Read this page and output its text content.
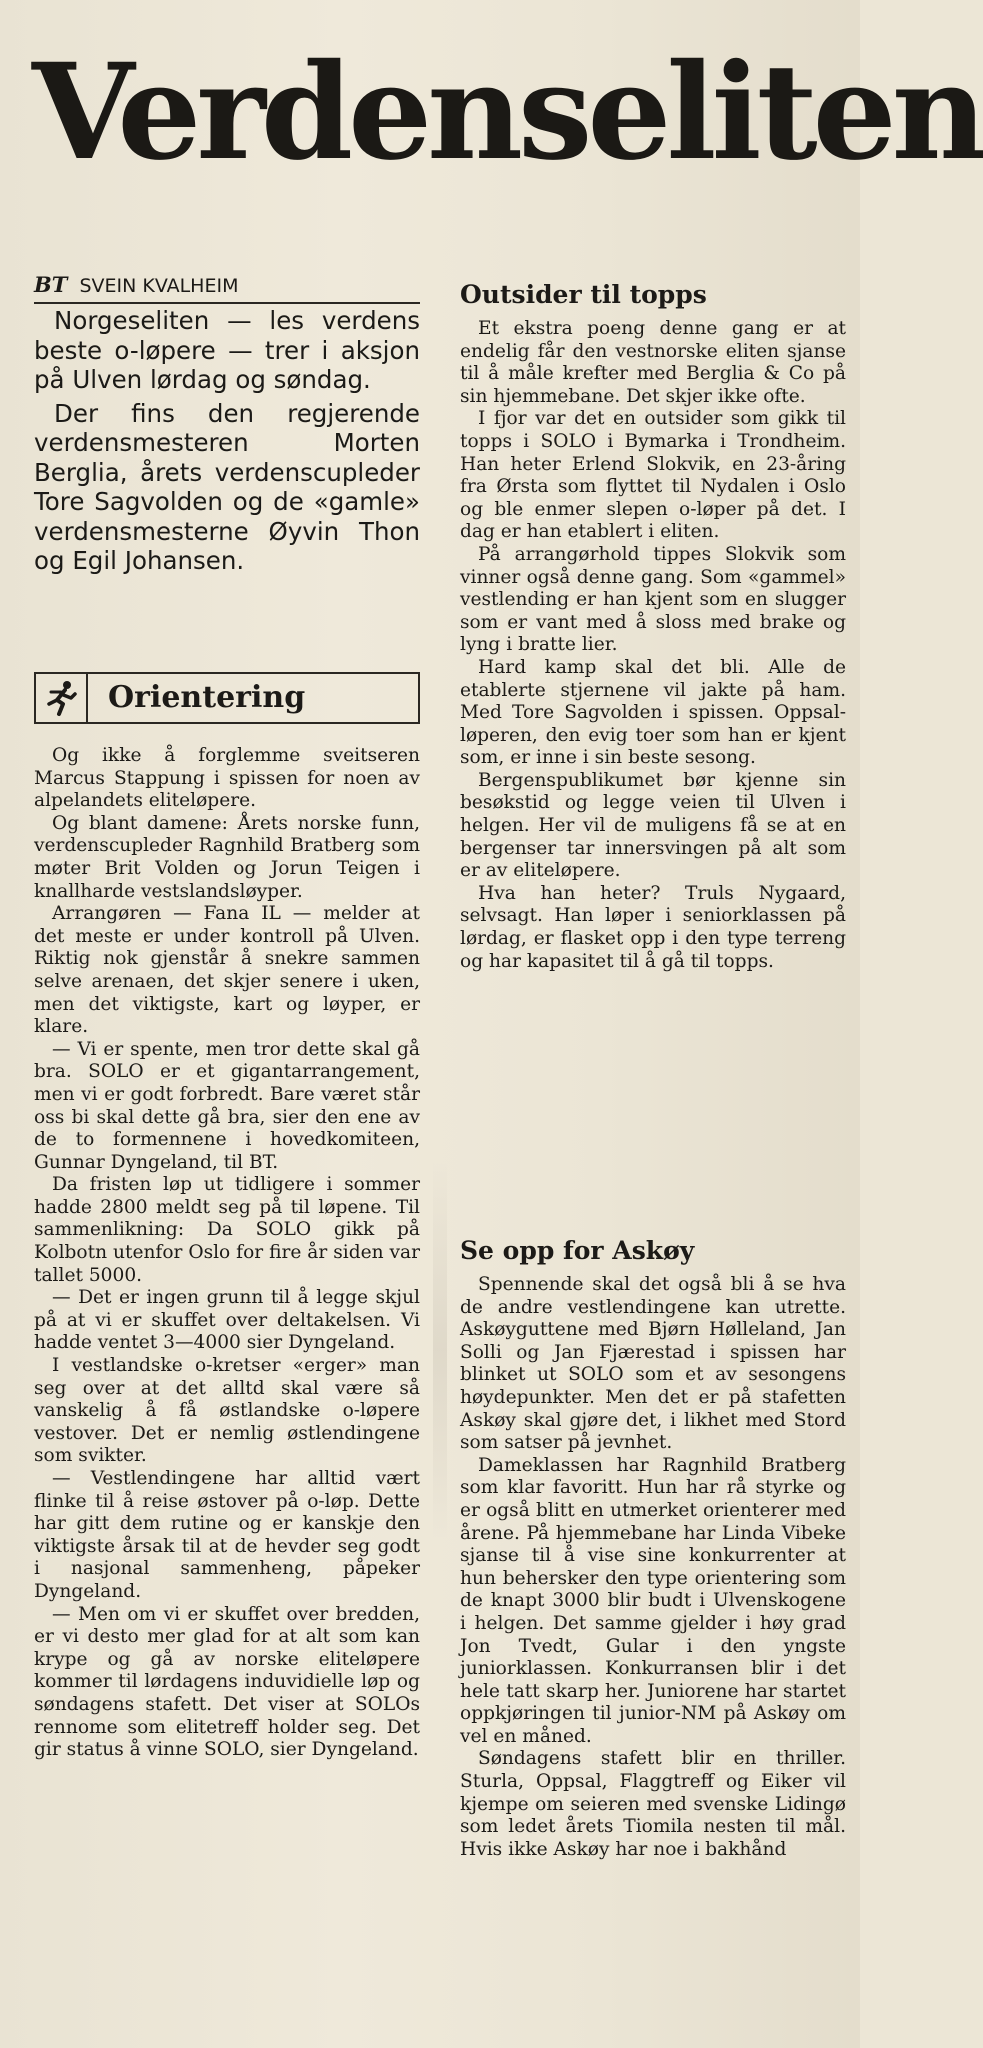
Verdenseliten
BT SVEIN KVALHEIM

Norgeseliten — les verdens beste o-løpere — trer i aksjon på Ulven lørdag og søndag.

Der fins den regjerende verdensmesteren Morten Berglia, årets verdenscupleder Tore Sagvolden og de «gamle» verdensmesterne Øyvin Thon og Egil Johansen.

Orientering

Og ikke å forglemme sveitseren Marcus Stappung i spissen for noen av alpelandets eliteløpere.

Og blant damene: Årets norske funn, verdenscupleder Ragnhild Bratberg som møter Brit Volden og Jorun Teigen i knallharde vestslandsløyper.

Arrangøren — Fana IL — melder at det meste er under kontroll på Ulven. Riktig nok gjenstår å snekre sammen selve arenaen, det skjer senere i uken, men det viktigste, kart og løyper, er klare.

— Vi er spente, men tror dette skal gå bra. SOLO er et gigantarrangement, men vi er godt forbredt. Bare været står oss bi skal dette gå bra, sier den ene av de to formennene i hovedkomiteen, Gunnar Dyngeland, til BT.

Da fristen løp ut tidligere i sommer hadde 2800 meldt seg på til løpene. Til sammenlikning: Da SOLO gikk på Kolbotn utenfor Oslo for fire år siden var tallet 5000.

— Det er ingen grunn til å legge skjul på at vi er skuffet over deltakelsen. Vi hadde ventet 3—4000 sier Dyngeland.

I vestlandske o-kretser «erger» man seg over at det alltd skal være så vanskelig å få østlandske o-løpere vestover. Det er nemlig østlendingene som svikter.

— Vestlendingene har alltid vært flinke til å reise østover på o-løp. Dette har gitt dem rutine og er kanskje den viktigste årsak til at de hevder seg godt i nasjonal sammenheng, påpeker Dyngeland.

— Men om vi er skuffet over bredden, er vi desto mer glad for at alt som kan krype og gå av norske eliteløpere kommer til lørdagens induvidielle løp og søndagens stafett. Det viser at SOLOs rennome som elitetreff holder seg. Det gir status å vinne SOLO, sier Dyngeland.

Outsider til topps

Et ekstra poeng denne gang er at endelig får den vestnorske eliten sjanse til å måle krefter med Berglia & Co på sin hjemmebane. Det skjer ikke ofte.

I fjor var det en outsider som gikk til topps i SOLO i Bymarka i Trondheim. Han heter Erlend Slokvik, en 23-åring fra Ørsta som flyttet til Nydalen i Oslo og ble enmer slepen o-løper på det. I dag er han etablert i eliten.

På arrangørhold tippes Slokvik som vinner også denne gang. Som «gammel» vestlending er han kjent som en slugger som er vant med å sloss med brake og lyng i bratte lier.

Hard kamp skal det bli. Alle de etablerte stjernene vil jakte på ham. Med Tore Sagvolden i spissen. Oppsal-løperen, den evig toer som han er kjent som, er inne i sin beste sesong.

Bergenspublikumet bør kjenne sin besøkstid og legge veien til Ulven i helgen. Her vil de muligens få se at en bergenser tar innersvingen på alt som er av eliteløpere.

Hva han heter? Truls Nygaard, selvsagt. Han løper i seniorklassen på lørdag, er flasket opp i den type terreng og har kapasitet til å gå til topps.

Se opp for Askøy

Spennende skal det også bli å se hva de andre vestlendingene kan utrette. Askøyguttene med Bjørn Hølleland, Jan Solli og Jan Fjærestad i spissen har blinket ut SOLO som et av sesongens høydepunkter. Men det er på stafetten Askøy skal gjøre det, i likhet med Stord som satser på jevnhet.

Dameklassen har Ragnhild Bratberg som klar favoritt. Hun har rå styrke og er også blitt en utmerket orienterer med årene. På hjemmebane har Linda Vibeke sjanse til å vise sine konkurrenter at hun behersker den type orientering som de knapt 3000 blir budt i Ulvenskogene i helgen. Det samme gjelder i høy grad Jon Tvedt, Gular i den yngste juniorklassen. Konkurransen blir i det hele tatt skarp her. Juniorene har startet oppkjøringen til junior-NM på Askøy om vel en måned.

Søndagens stafett blir en thriller. Sturla, Oppsal, Flaggtreff og Eiker vil kjempe om seieren med svenske Lidingø som ledet årets Tiomila nesten til mål. Hvis ikke Askøy har noe i bakhånd
